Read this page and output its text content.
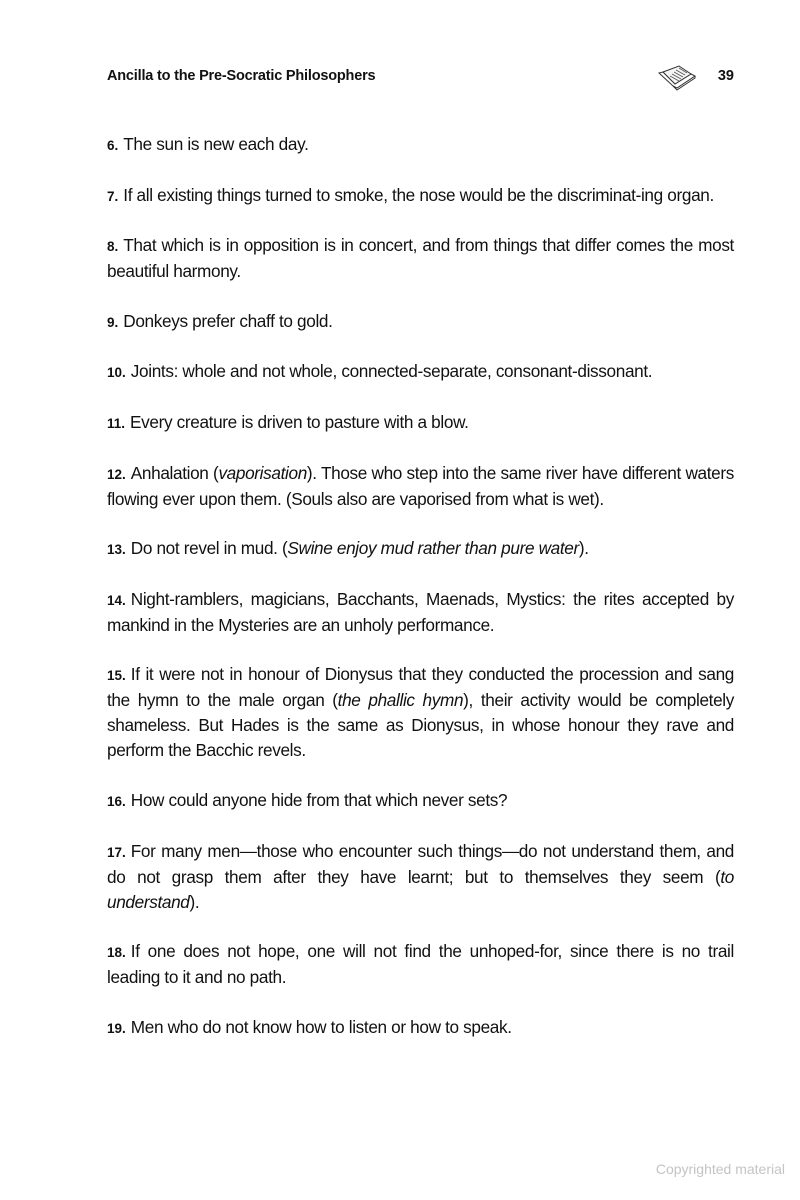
Ancilla to the Pre-Socratic Philosophers	39

6. The sun is new each day.

7. If all existing things turned to smoke, the nose would be the discriminat-ing organ.

8. That which is in opposition is in concert, and from things that differ comes the most beautiful harmony.

9. Donkeys prefer chaff to gold.

10. Joints: whole and not whole, connected-separate, consonant-dissonant.

11. Every creature is driven to pasture with a blow.

12. Anhalation (vaporisation). Those who step into the same river have different waters flowing ever upon them. (Souls also are vaporised from what is wet).

13. Do not revel in mud. (Swine enjoy mud rather than pure water).

14. Night-ramblers, magicians, Bacchants, Maenads, Mystics: the rites accepted by mankind in the Mysteries are an unholy performance.

15. If it were not in honour of Dionysus that they conducted the procession and sang the hymn to the male organ (the phallic hymn), their activity would be completely shameless. But Hades is the same as Dionysus, in whose honour they rave and perform the Bacchic revels.

16. How could anyone hide from that which never sets?

17. For many men—those who encounter such things—do not understand them, and do not grasp them after they have learnt; but to themselves they seem (to understand).

18. If one does not hope, one will not find the unhoped-for, since there is no trail leading to it and no path.

19. Men who do not know how to listen or how to speak.

Copyrighted material
